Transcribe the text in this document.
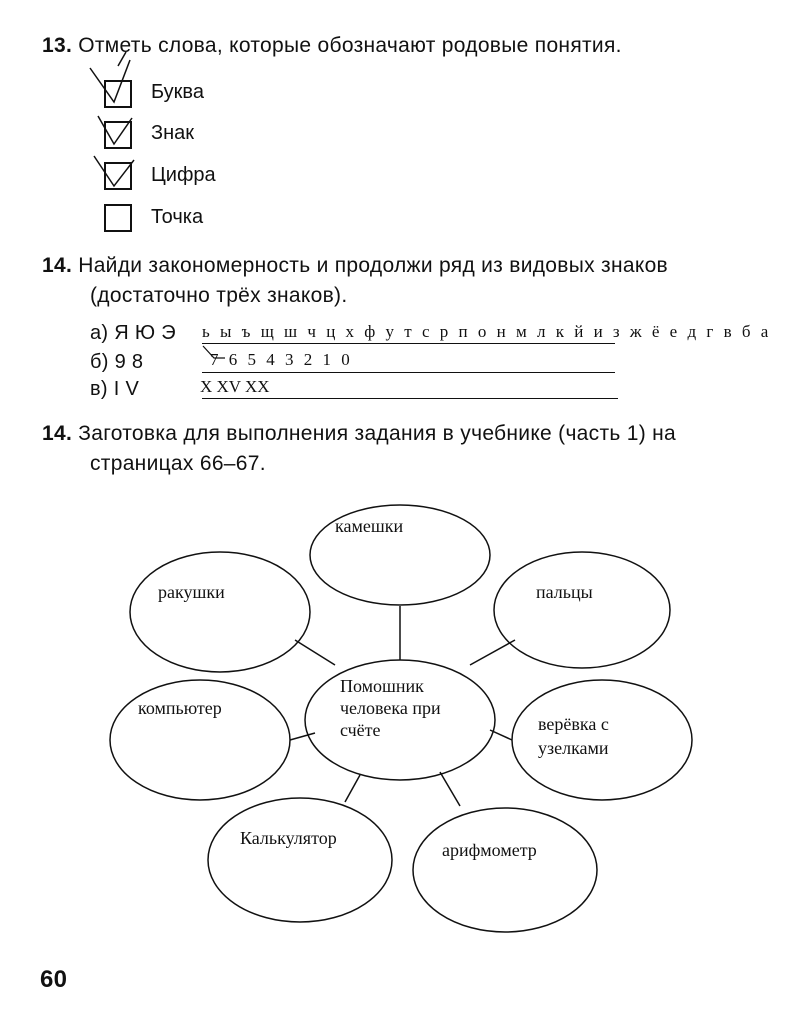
13. Отметь слова, которые обозначают родовые понятия.
Буква
Знак
Цифра
Точка
14. Найди закономерность и продолжи ряд из видовых знаков
(достаточно трёх знаков).
а) Я Ю Э ь ы ъ щ ш ч ц х ф у т с р п о н м л к й и з ж ё е д г в б а
б) 9 8	7 6 5 4 3 2 1 0
в) I V	X XV XX
14. Заготовка для выполнения задания в учебнике (часть 1) на
страницах 66–67.
камешки
ракушки	пальцы
Помошник человека при счёте
компьютер
верёвка с узелками
Калькулятор
арифмометр
60
